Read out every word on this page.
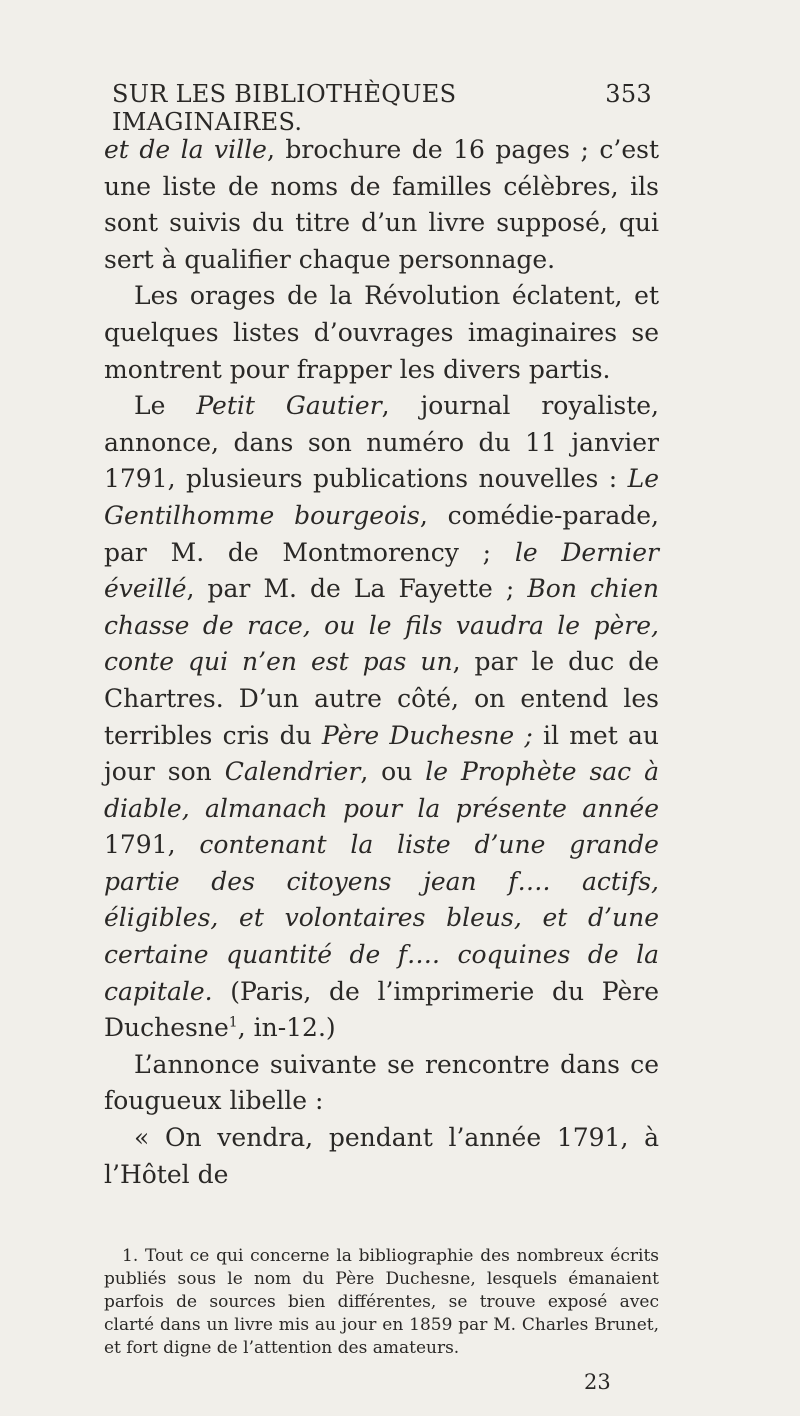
SUR LES BIBLIOTHÈQUES IMAGINAIRES.
353

et de la ville, brochure de 16 pages ; c’est une liste de noms de familles célèbres, ils sont suivis du titre d’un livre supposé, qui sert à qualifier chaque personnage.

Les orages de la Révolution éclatent, et quelques listes d’ouvrages imaginaires se montrent pour frapper les divers partis.

Le Petit Gautier, journal royaliste, annonce, dans son numéro du 11 janvier 1791, plusieurs publications nouvelles : Le Gentilhomme bourgeois, comédie-parade, par M. de Montmorency ; le Dernier éveillé, par M. de La Fayette ; Bon chien chasse de race, ou le fils vaudra le père, conte qui n’en est pas un, par le duc de Chartres. D’un autre côté, on entend les terribles cris du Père Duchesne ; il met au jour son Calendrier, ou le Prophète sac à diable, almanach pour la présente année 1791, contenant la liste d’une grande partie des citoyens jean f…. actifs, éligibles, et volontaires bleus, et d’une certaine quantité de f…. coquines de la capitale. (Paris, de l’imprimerie du Père Duchesne$^1$, in-12.)

L’annonce suivante se rencontre dans ce fougueux libelle :

« On vendra, pendant l’année 1791, à l’Hôtel de

1. Tout ce qui concerne la bibliographie des nombreux écrits publiés sous le nom du Père Duchesne, lesquels émanaient parfois de sources bien différentes, se trouve exposé avec clarté dans un livre mis au jour en 1859 par M. Charles Brunet, et fort digne de l’attention des amateurs.

23
